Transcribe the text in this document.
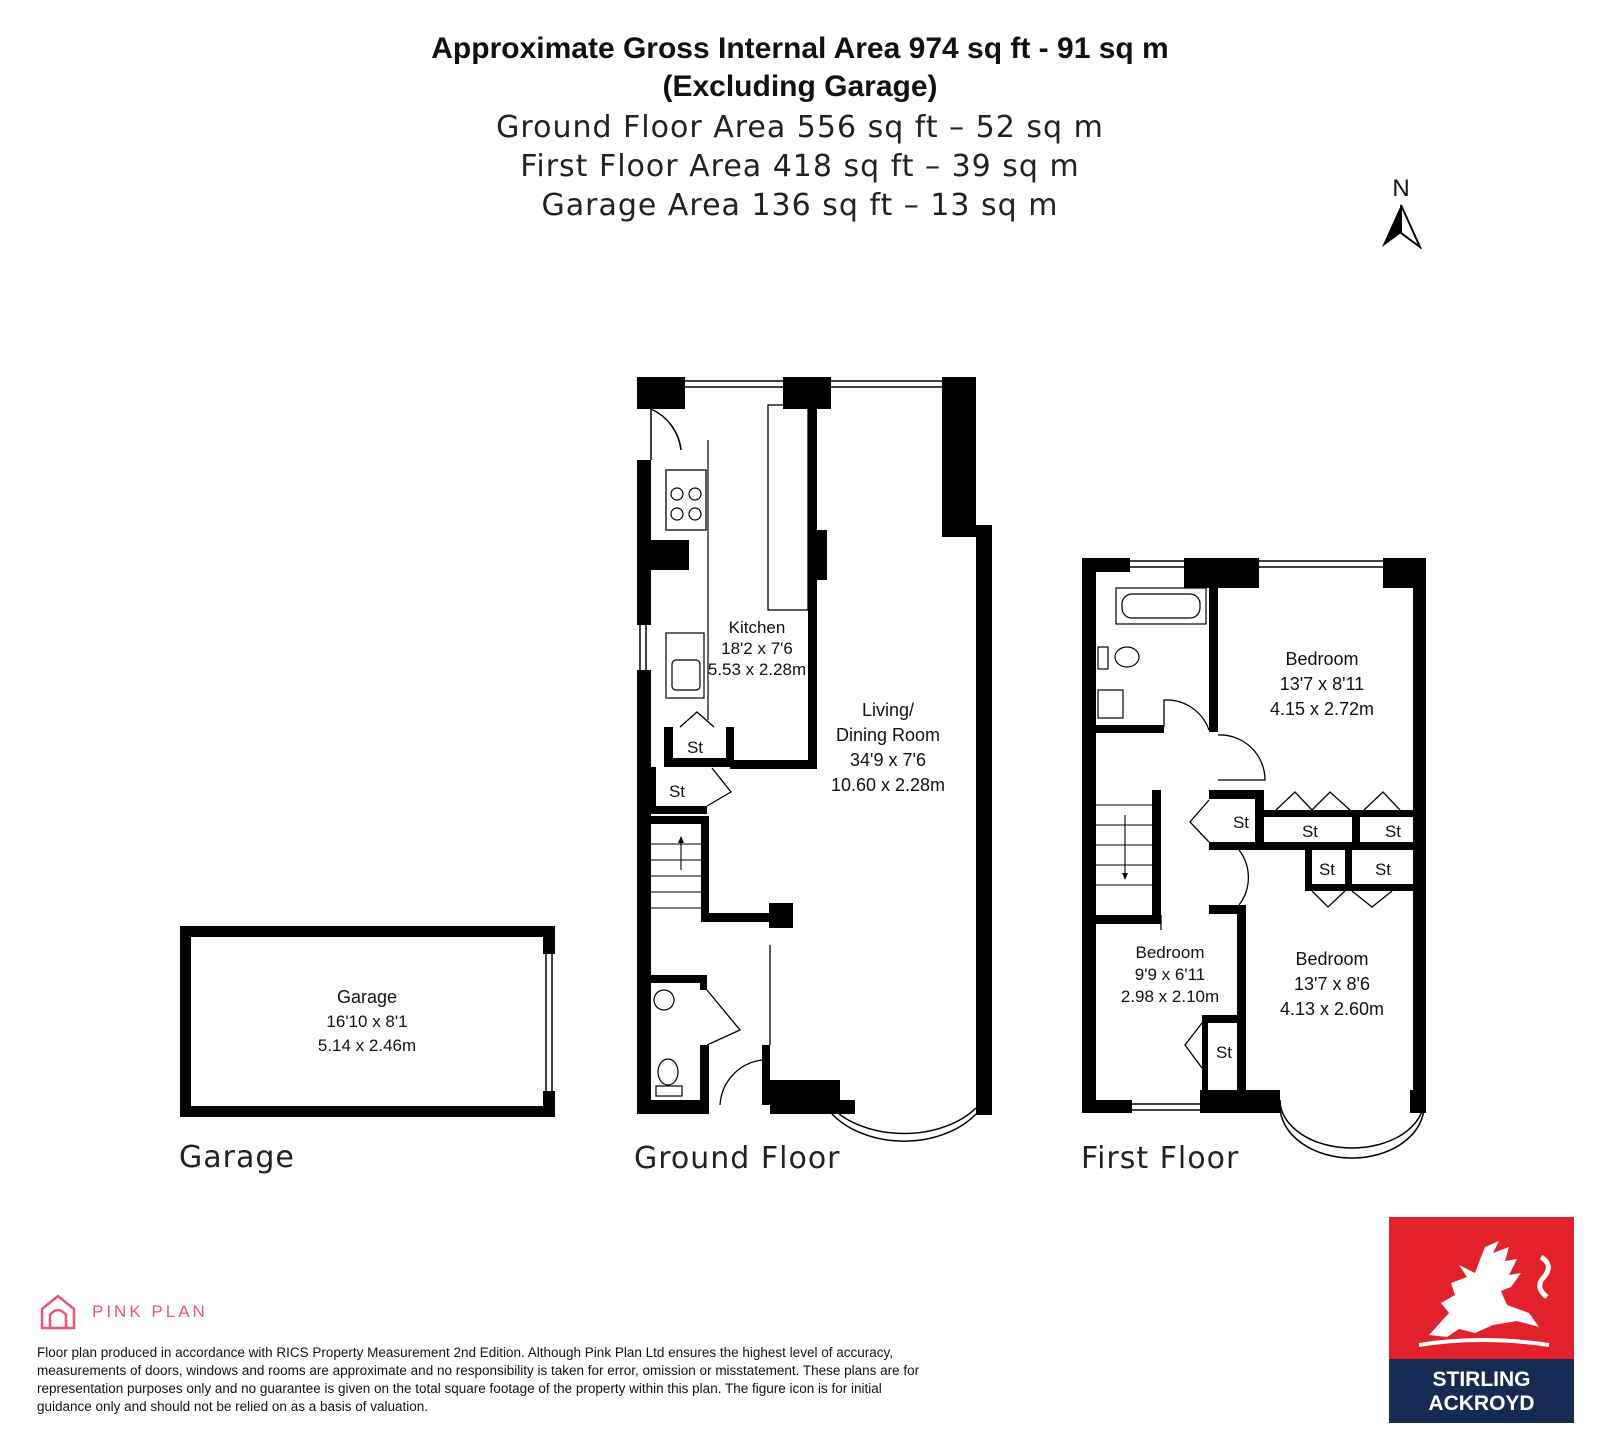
Approximate Gross Internal Area 974 sq ft - 91 sq m
(Excluding Garage)
Ground Floor Area 556 sq ft – 52 sq m
First Floor Area 418 sq ft – 39 sq m
Garage Area 136 sq ft – 13 sq m	N
Garage
16'10 x 8'1
5.14 x 2.46m
St
St
Kitchen
18'2 x 7'6
5.53 x 2.28m
Living/
Dining Room
34'9 x 7'6
10.60 x 2.28m
St	St	St
St St
St
Bedroom
13'7 x 8'11
4.15 x 2.72m
Bedroom
13'7 x 8'6
4.13 x 2.60m
Bedroom
9'9 x 6'11
2.98 x 2.10m
Garage	Ground Floor	First Floor
PINK PLAN
Floor plan produced in accordance with RICS Property Measurement 2nd Edition. Although Pink Plan Ltd ensures the highest level of accuracy, measurements of doors, windows and rooms are approximate and no responsibility is taken for error, omission or misstatement. These plans are for representation purposes only and no guarantee is given on the total square footage of the property within this plan. The figure icon is for initial guidance only and should not be relied on as a basis of valuation.
STIRLING
ACKROYD
